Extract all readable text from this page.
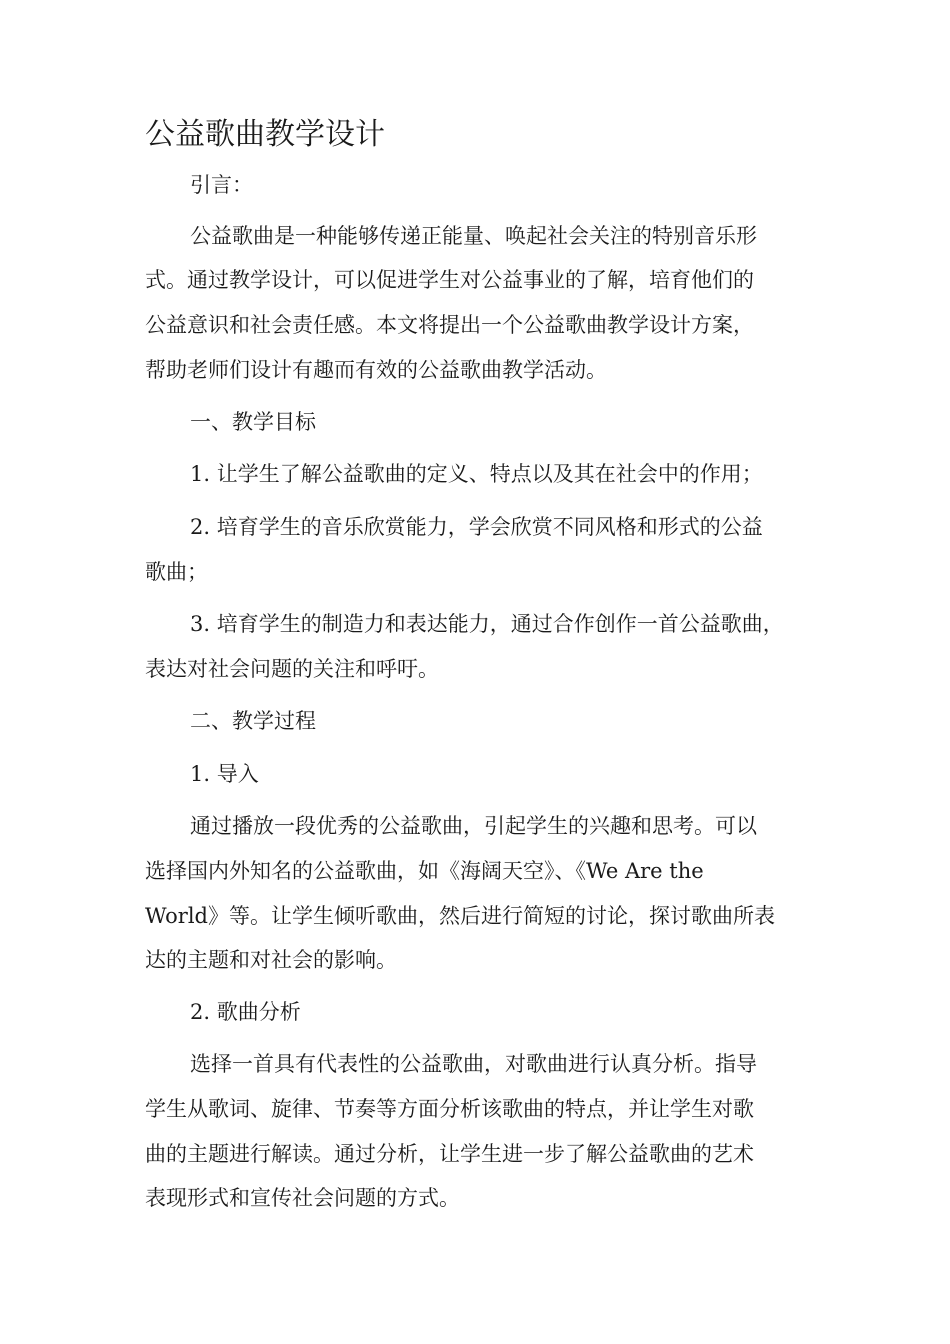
公益歌曲教学设计

引言：

公益歌曲是一种能够传递正能量、唤起社会关注的特别音乐形

式。通过教学设计，可以促进学生对公益事业的了解，培育他们的

公益意识和社会责任感。本文将提出一个公益歌曲教学设计方案，

帮助老师们设计有趣而有效的公益歌曲教学活动。

一、教学目标

1. 让学生了解公益歌曲的定义、特点以及其在社会中的作用；

2. 培育学生的音乐欣赏能力，学会欣赏不同风格和形式的公益

歌曲；

3. 培育学生的制造力和表达能力，通过合作创作一首公益歌曲，

表达对社会问题的关注和呼吁。

二、教学过程

1. 导入

通过播放一段优秀的公益歌曲，引起学生的兴趣和思考。可以

选择国内外知名的公益歌曲，如《海阔天空》、《We Are the

World》等。让学生倾听歌曲，然后进行简短的讨论，探讨歌曲所表

达的主题和对社会的影响。

2. 歌曲分析

选择一首具有代表性的公益歌曲，对歌曲进行认真分析。指导

学生从歌词、旋律、节奏等方面分析该歌曲的特点，并让学生对歌

曲的主题进行解读。通过分析，让学生进一步了解公益歌曲的艺术

表现形式和宣传社会问题的方式。
